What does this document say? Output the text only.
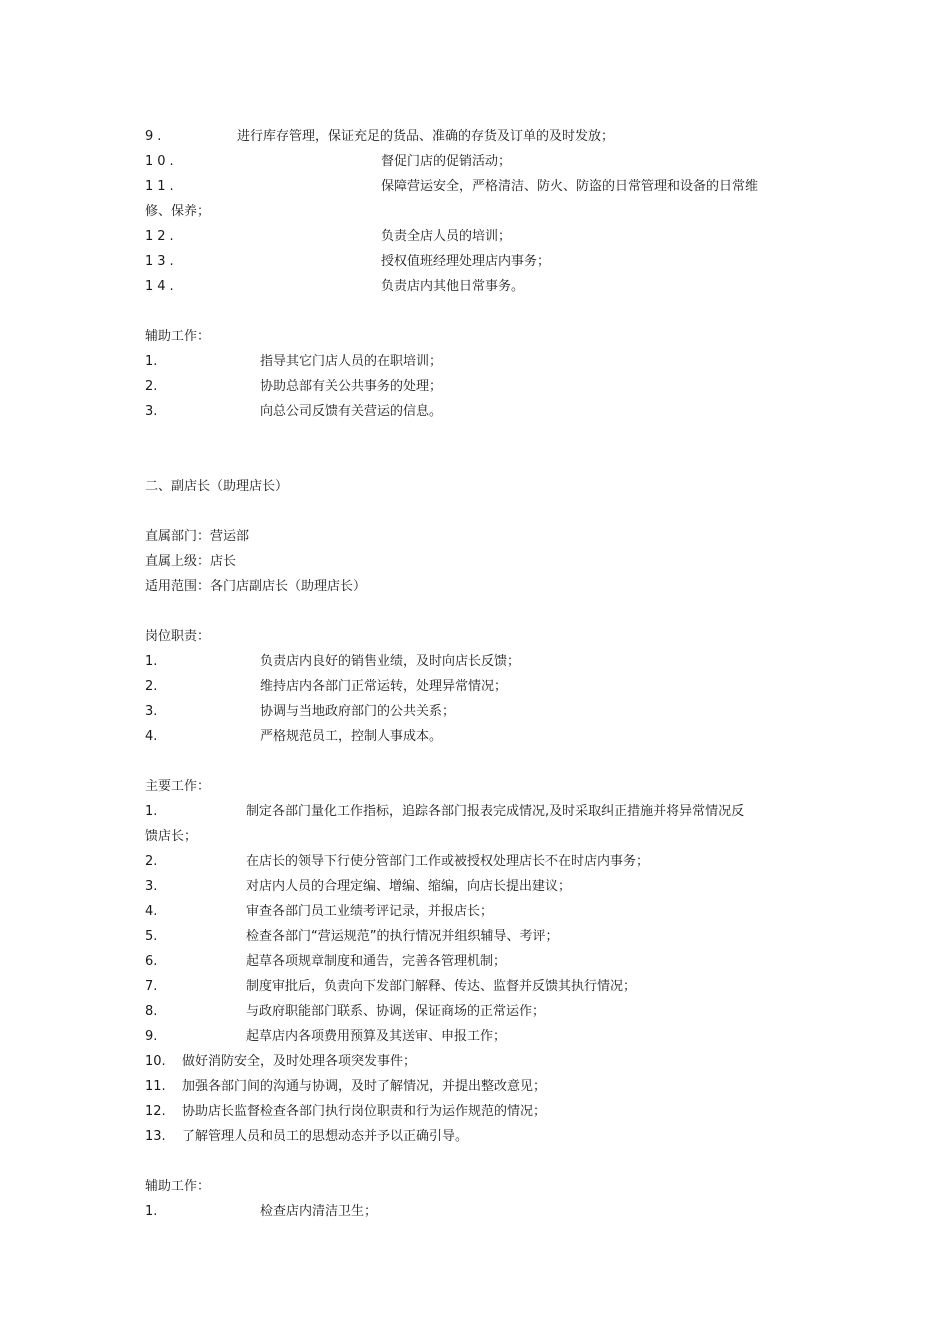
9.	进行库存管理，保证充足的货品、准确的存货及订单的及时发放；
10.	督促门店的促销活动；
11.	保障营运安全，严格清洁、防火、防盗的日常管理和设备的日常维
修、保养；
12.	负责全店人员的培训；
13.	授权值班经理处理店内事务；
14.	负责店内其他日常事务。
辅助工作：
1.	指导其它门店人员的在职培训；
2.	协助总部有关公共事务的处理；
3.	向总公司反馈有关营运的信息。
二、副店长（助理店长）
直属部门：营运部
直属上级：店长
适用范围：各门店副店长（助理店长）
岗位职责：
1.	负责店内良好的销售业绩，及时向店长反馈；
2.	维持店内各部门正常运转，处理异常情况；
3.	协调与当地政府部门的公共关系；
4.	严格规范员工，控制人事成本。
主要工作：
1.	制定各部门量化工作指标，追踪各部门报表完成情况,及时采取纠正措施并将异常情况反
馈店长；
2.	在店长的领导下行使分管部门工作或被授权处理店长不在时店内事务；
3.	对店内人员的合理定编、增编、缩编，向店长提出建议；
4.	审查各部门员工业绩考评记录，并报店长；
5.	检查各部门“营运规范”的执行情况并组织辅导、考评；
6.	起草各项规章制度和通告，完善各管理机制；
7.	制度审批后，负责向下发部门解释、传达、监督并反馈其执行情况；
8.	与政府职能部门联系、协调，保证商场的正常运作；
9.	起草店内各项费用预算及其送审、申报工作；
10. 做好消防安全，及时处理各项突发事件；
11. 加强各部门间的沟通与协调，及时了解情况，并提出整改意见；
12. 协助店长监督检查各部门执行岗位职责和行为运作规范的情况；
13. 了解管理人员和员工的思想动态并予以正确引导。
辅助工作：
1.	检查店内清洁卫生；
